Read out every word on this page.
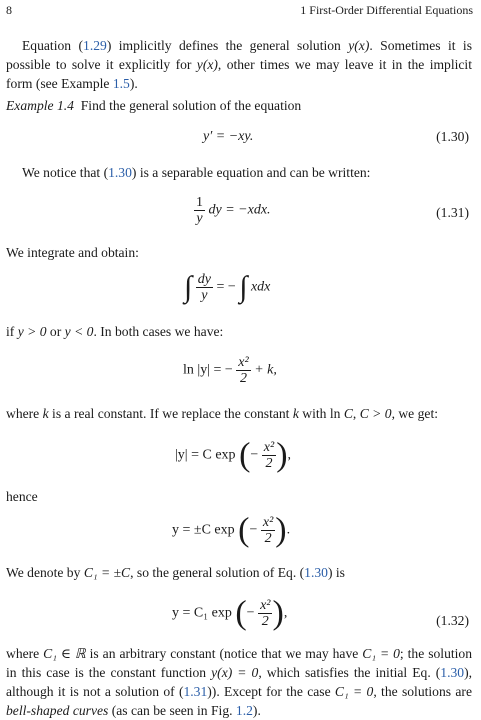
8	1 First-Order Differential Equations

Equation (1.29) implicitly defines the general solution y(x). Sometimes it is possible to solve it explicitly for y(x), other times we may leave it in the implicit form (see Example 1.5).

Example 1.4 Find the general solution of the equation

y′ = −xy.	(1.30)

We notice that (1.30) is a separable equation and can be written:

$\frac{1}{y}$ dy = −xdx.	(1.31)

We integrate and obtain:

∫ $\frac{dy}{y}$ = − ∫ xdx

if y > 0 or y < 0. In both cases we have:

ln |y| = − $\frac{\text{x²}}{2} + k$,

where k is a real constant. If we replace the constant k with ln C, C > 0, we get:

|y| = C exp (− $\frac{\text{x²}}{2}$ ),

hence

y = ±C exp (− $\frac{\text{x²}}{2}$ ).

We denote by C₁ = ±C, so the general solution of Eq. (1.30) is

y = C₁ exp (− $\frac{\text{x²}}{2}$ ),	(1.32)

where C₁ ∈ ℝ is an arbitrary constant (notice that we may have C₁ = 0; the solution in this case is the constant function y(x) = 0, which satisfies the initial Eq. (1.30), although it is not a solution of (1.31)). Except for the case C₁ = 0, the solutions are bell-shaped curves (as can be seen in Fig. 1.2).
